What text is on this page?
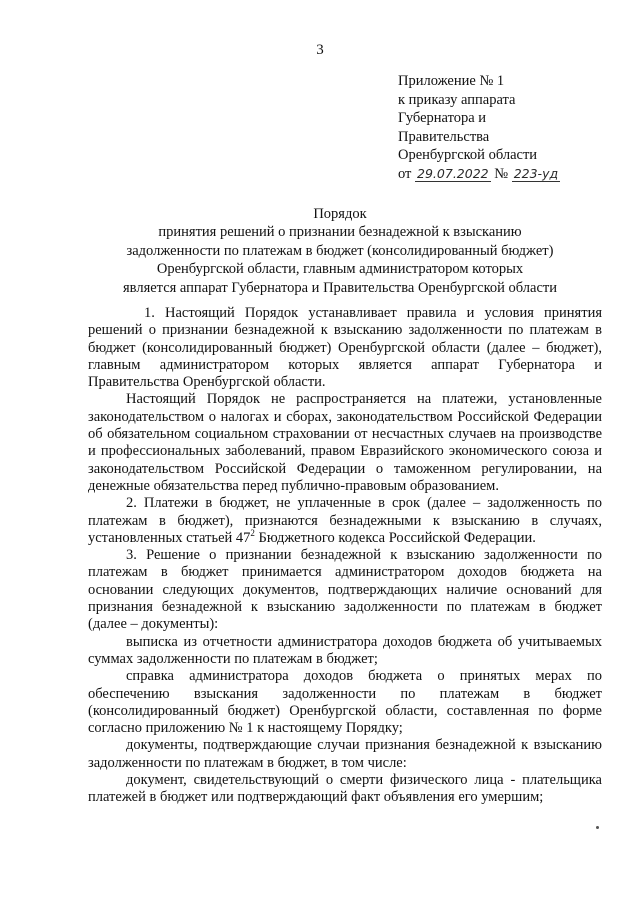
3
Приложение № 1
к приказу аппарата
Губернатора и
Правительства
Оренбургской области
от 29.07.2022 № 223-уд
Порядок
принятия решений о признании безнадежной к взысканию
задолженности по платежам в бюджет (консолидированный бюджет)
Оренбургской области, главным администратором которых
является аппарат Губернатора и Правительства Оренбургской области

1. Настоящий Порядок устанавливает правила и условия принятия решений о признании безнадежной к взысканию задолженности по платежам в бюджет (консолидированный бюджет) Оренбургской области (далее – бюджет), главным администратором которых является аппарат Губернатора и Правительства Оренбургской области.

Настоящий Порядок не распространяется на платежи, установленные законодательством о налогах и сборах, законодательством Российской Федерации об обязательном социальном страховании от несчастных случаев на производстве и профессиональных заболеваний, правом Евразийского экономического союза и законодательством Российской Федерации о таможенном регулировании, на денежные обязательства перед публично-правовым образованием.

2. Платежи в бюджет, не уплаченные в срок (далее – задолженность по платежам в бюджет), признаются безнадежными к взысканию в случаях, установленных статьей $47^2$ Бюджетного кодекса Российской Федерации.

3. Решение о признании безнадежной к взысканию задолженности по платежам в бюджет принимается администратором доходов бюджета на основании следующих документов, подтверждающих наличие оснований для признания безнадежной к взысканию задолженности по платежам в бюджет (далее – документы):

выписка из отчетности администратора доходов бюджета об учитываемых суммах задолженности по платежам в бюджет;

справка администратора доходов бюджета о принятых мерах по обеспечению взыскания задолженности по платежам в бюджет (консолидированный бюджет) Оренбургской области, составленная по форме согласно приложению № 1 к настоящему Порядку;

документы, подтверждающие случаи признания безнадежной к взысканию задолженности по платежам в бюджет, в том числе:

документ, свидетельствующий о смерти физического лица - плательщика платежей в бюджет или подтверждающий факт объявления его умершим;
